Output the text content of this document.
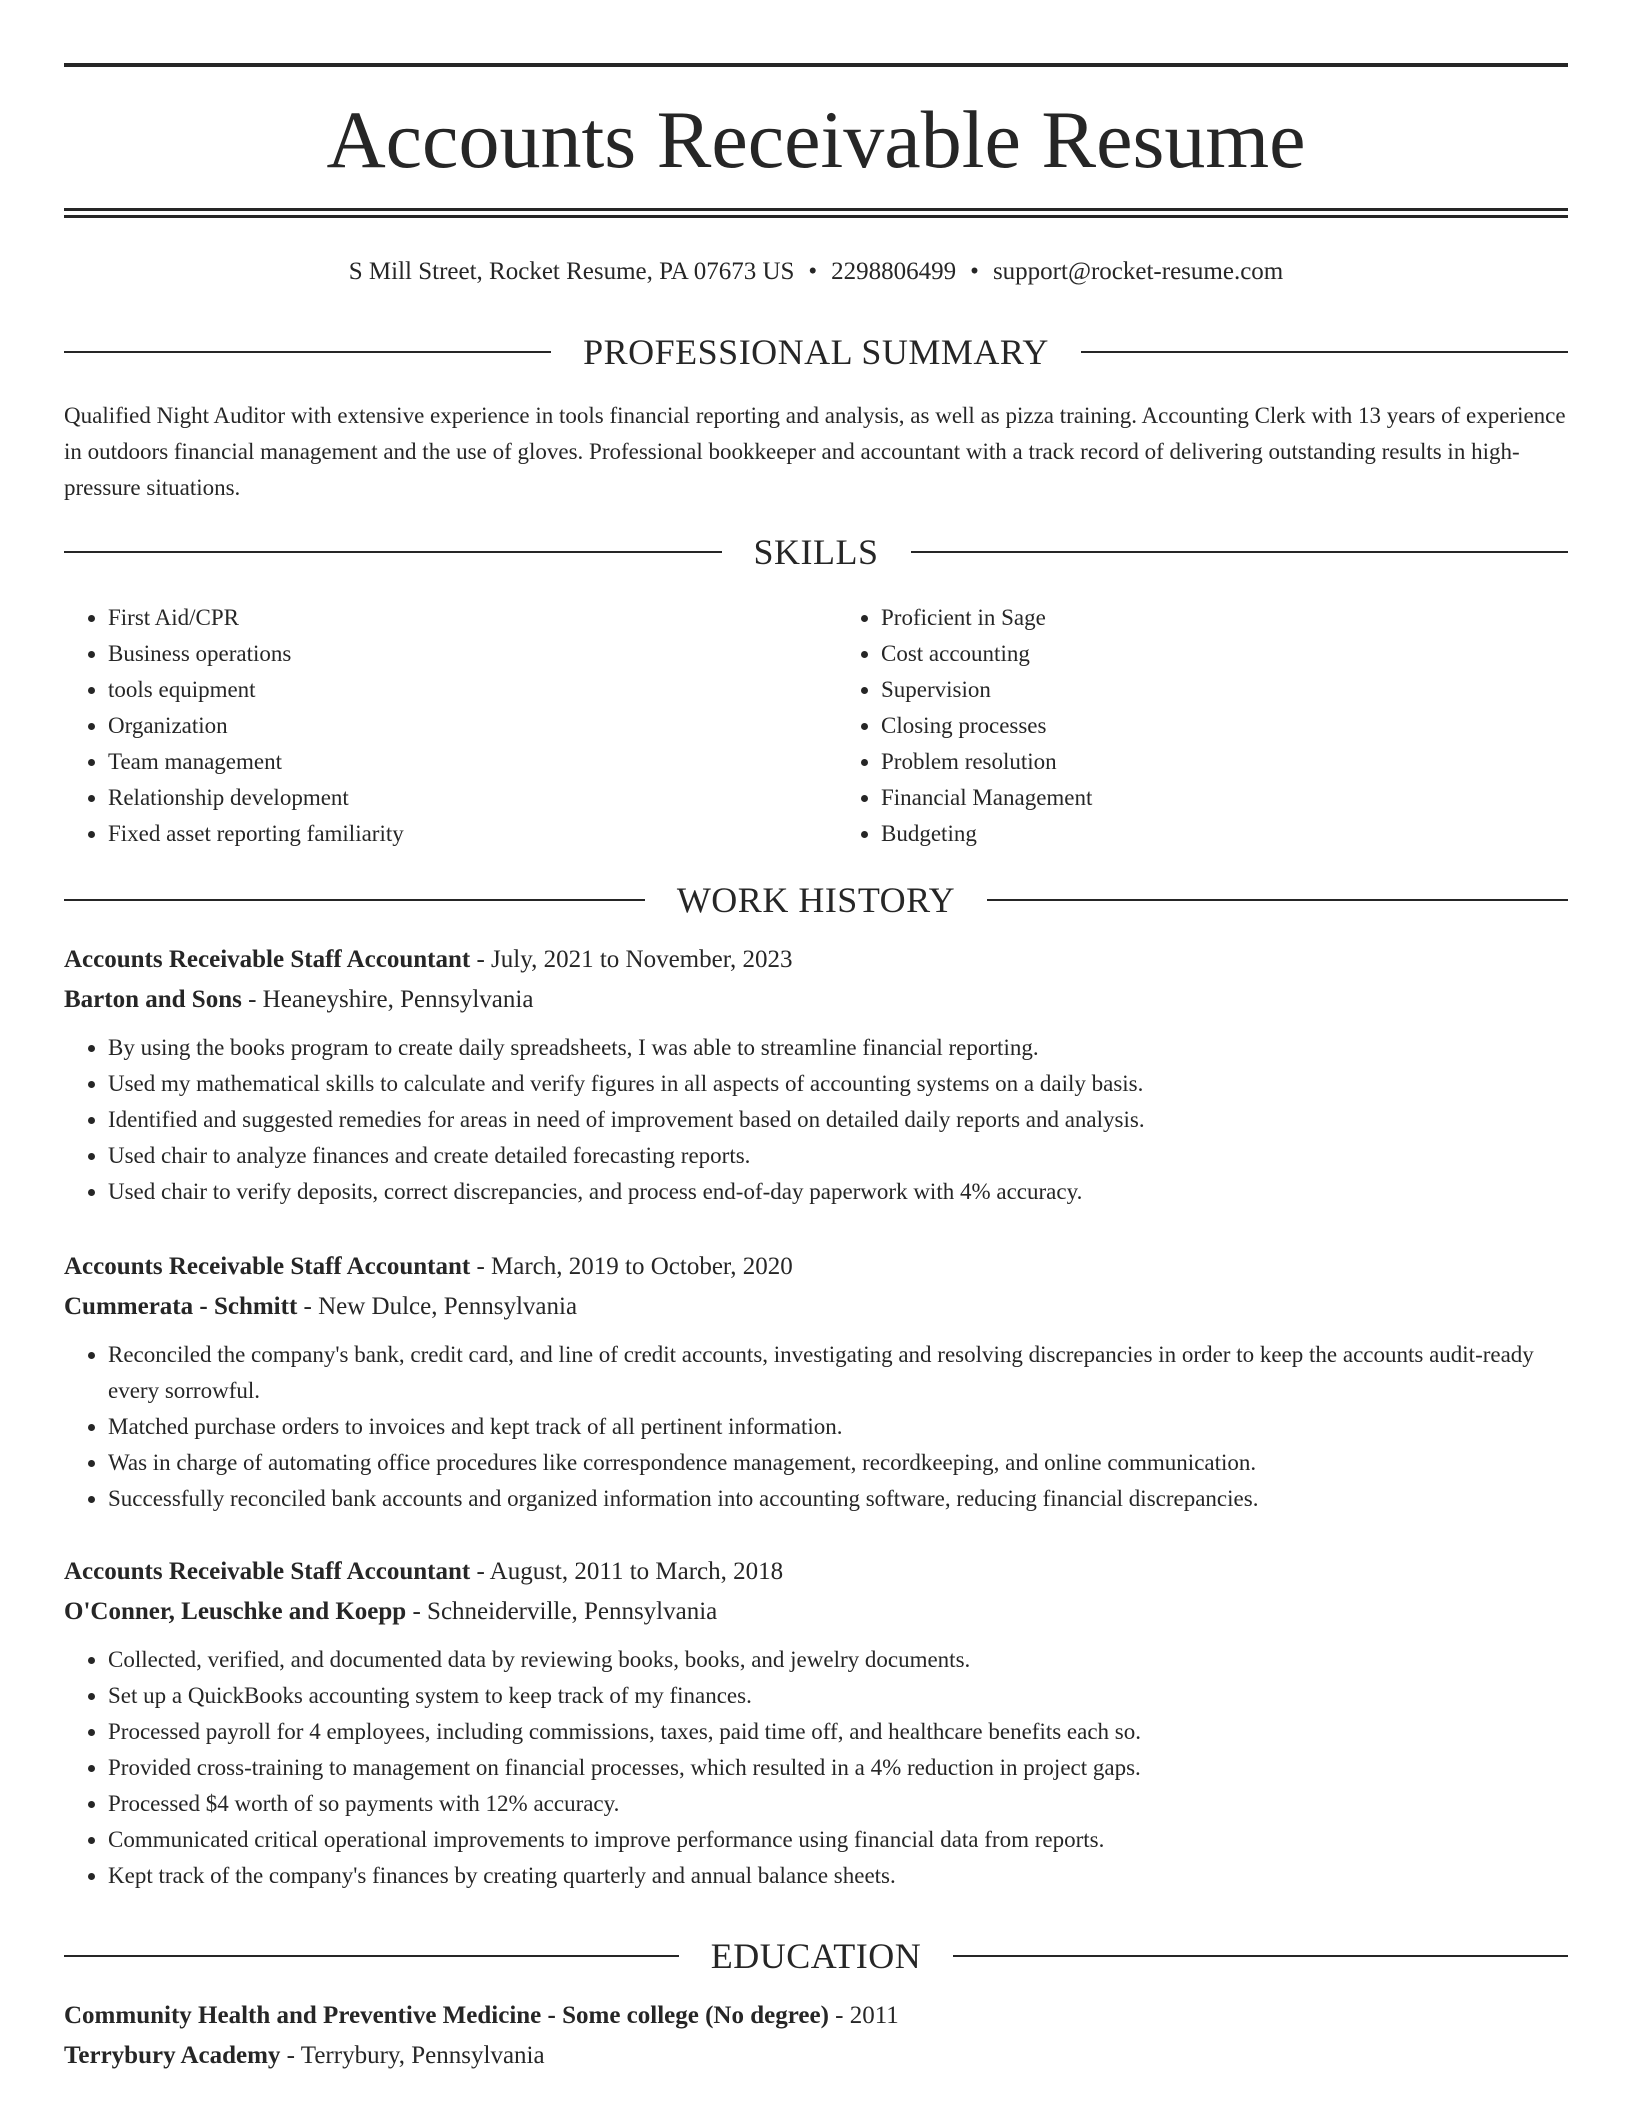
Accounts Receivable Resume
S Mill Street, Rocket Resume, PA 07673 US • 2298806499 • support@rocket-resume.com
PROFESSIONAL SUMMARY

Qualified Night Auditor with extensive experience in tools financial reporting and analysis, as well as pizza training. Accounting Clerk with 13 years of experience in outdoors financial management and the use of gloves. Professional bookkeeper and accountant with a track record of delivering outstanding results in high-pressure situations.

SKILLS
• First Aid/CPR
• Business operations
• tools equipment
• Organization
• Team management
• Relationship development
• Fixed asset reporting familiarity
• Proficient in Sage
• Cost accounting
• Supervision
• Closing processes
• Problem resolution
• Financial Management
• Budgeting
WORK HISTORY
Accounts Receivable Staff Accountant - July, 2021 to November, 2023
Barton and Sons - Heaneyshire, Pennsylvania
• By using the books program to create daily spreadsheets, I was able to streamline financial reporting.
• Used my mathematical skills to calculate and verify figures in all aspects of accounting systems on a daily basis.
• Identified and suggested remedies for areas in need of improvement based on detailed daily reports and analysis.
• Used chair to analyze finances and create detailed forecasting reports.
• Used chair to verify deposits, correct discrepancies, and process end-of-day paperwork with 4% accuracy.
Accounts Receivable Staff Accountant - March, 2019 to October, 2020
Cummerata - Schmitt - New Dulce, Pennsylvania
• Reconciled the company's bank, credit card, and line of credit accounts, investigating and resolving discrepancies in order to keep the accounts audit-ready every sorrowful.
• Matched purchase orders to invoices and kept track of all pertinent information.
• Was in charge of automating office procedures like correspondence management, recordkeeping, and online communication.
• Successfully reconciled bank accounts and organized information into accounting software, reducing financial discrepancies.
Accounts Receivable Staff Accountant - August, 2011 to March, 2018
O'Conner, Leuschke and Koepp - Schneiderville, Pennsylvania
• Collected, verified, and documented data by reviewing books, books, and jewelry documents.
• Set up a QuickBooks accounting system to keep track of my finances.
• Processed payroll for 4 employees, including commissions, taxes, paid time off, and healthcare benefits each so.
• Provided cross-training to management on financial processes, which resulted in a 4% reduction in project gaps.
• Processed $4 worth of so payments with 12% accuracy.
• Communicated critical operational improvements to improve performance using financial data from reports.
• Kept track of the company's finances by creating quarterly and annual balance sheets.
EDUCATION
Community Health and Preventive Medicine - Some college (No degree) - 2011
Terrybury Academy - Terrybury, Pennsylvania
